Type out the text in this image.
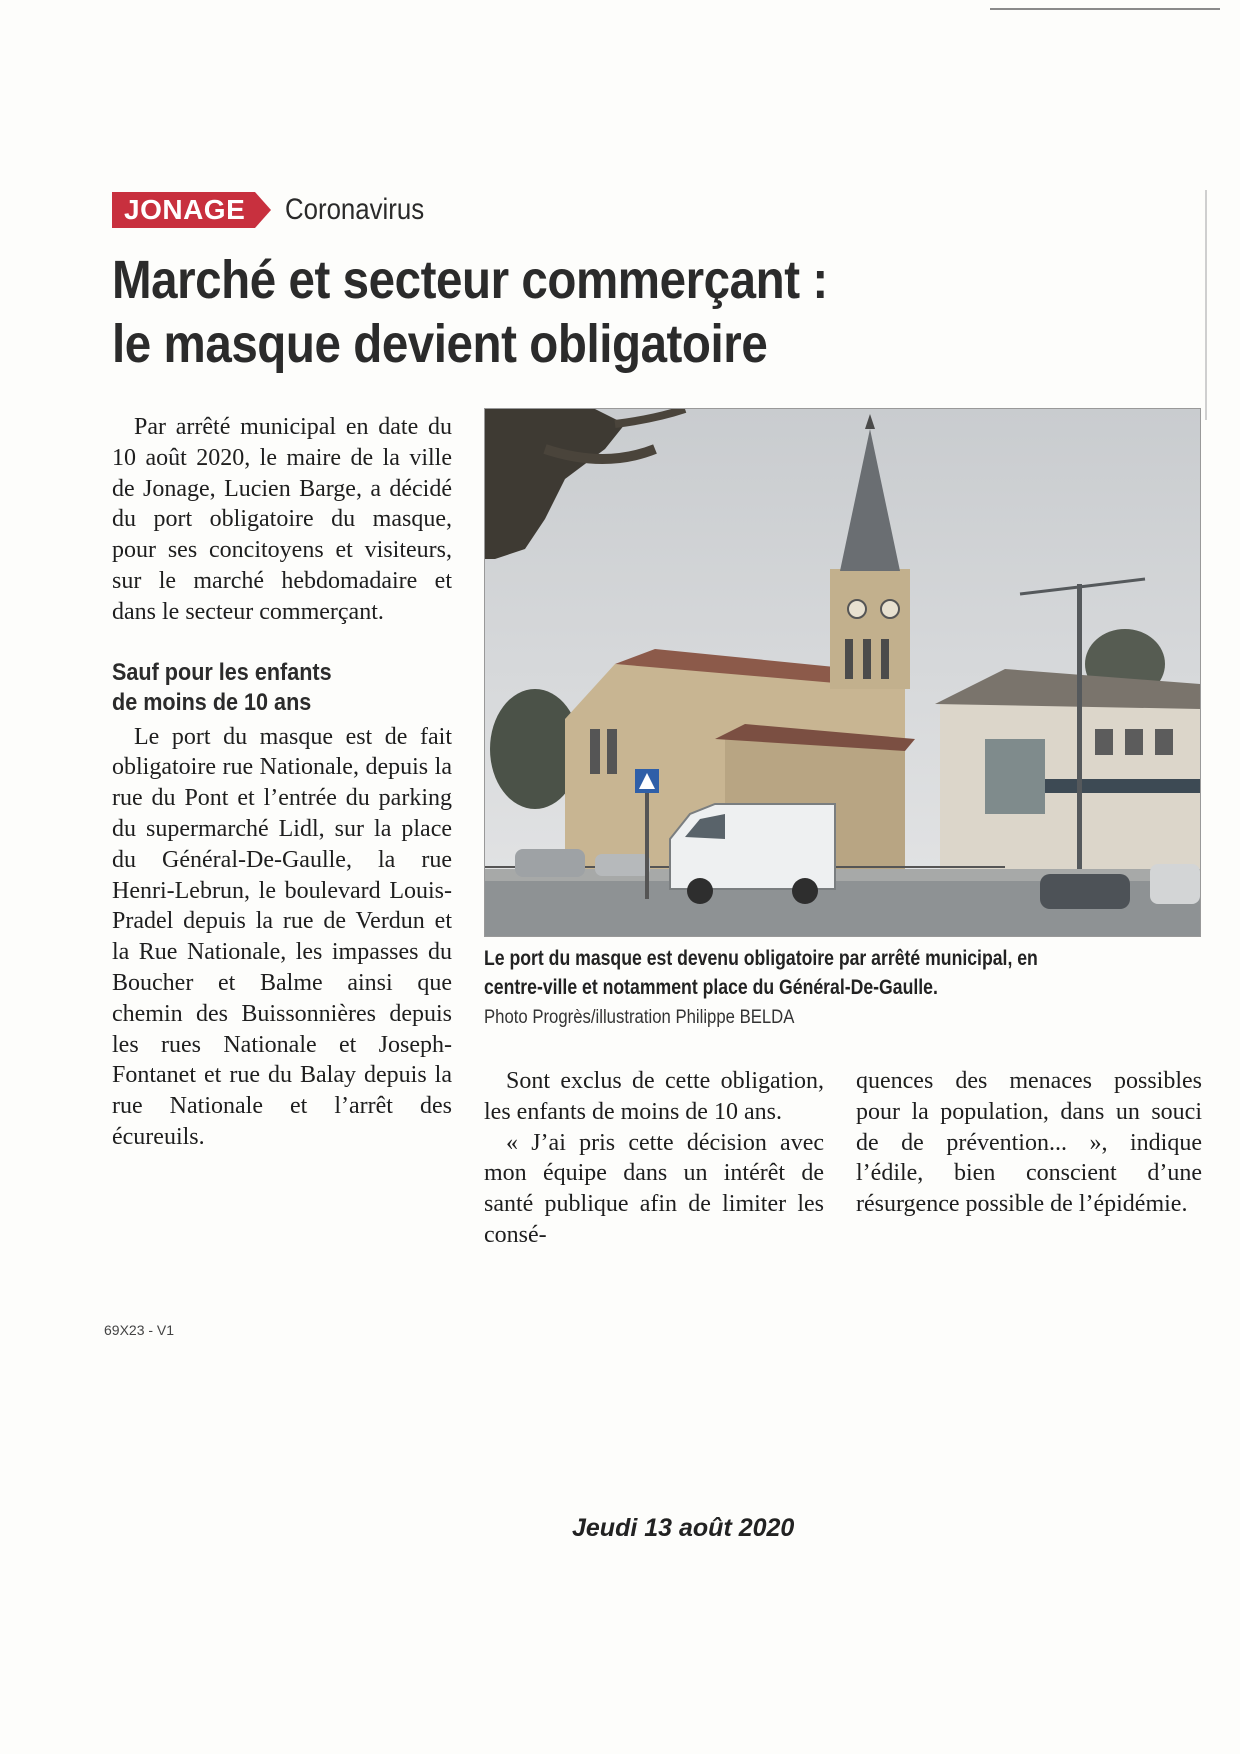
JONAGE	Coronavirus
Marché et secteur commerçant :
le masque devient obligatoire

Par arrêté municipal en date du 10 août 2020, le maire de la ville de Jonage, Lucien Barge, a décidé du port obligatoire du masque, pour ses concitoyens et visiteurs, sur le marché hebdomadaire et dans le secteur commerçant.

Sauf pour les enfants
de moins de 10 ans

Le port du masque est de fait obligatoire rue Nationale, depuis la rue du Pont et l’entrée du parking du supermarché Lidl, sur la place du Général-De-Gaulle, la rue Henri-Lebrun, le boulevard Louis-Pradel depuis la rue de Verdun et la Rue Nationale, les impasses du Boucher et Balme ainsi que chemin des Buissonnières depuis les rues Nationale et Joseph-Fontanet et rue du Balay depuis la rue Nationale et l’arrêt des écureuils.

Le port du masque est devenu obligatoire par arrêté municipal, en
centre-ville et notamment place du Général-De-Gaulle.
Photo Progrès/illustration Philippe BELDA

Sont exclus de cette obligation, les enfants de moins de 10 ans.

« J’ai pris cette décision avec mon équipe dans un intérêt de santé publique afin de limiter les consé-

quences des menaces possibles pour la population, dans un souci de de prévention... », indique l’édile, bien conscient d’une résurgence possible de l’épidémie.

69X23 - V1
Jeudi 13 août 2020
